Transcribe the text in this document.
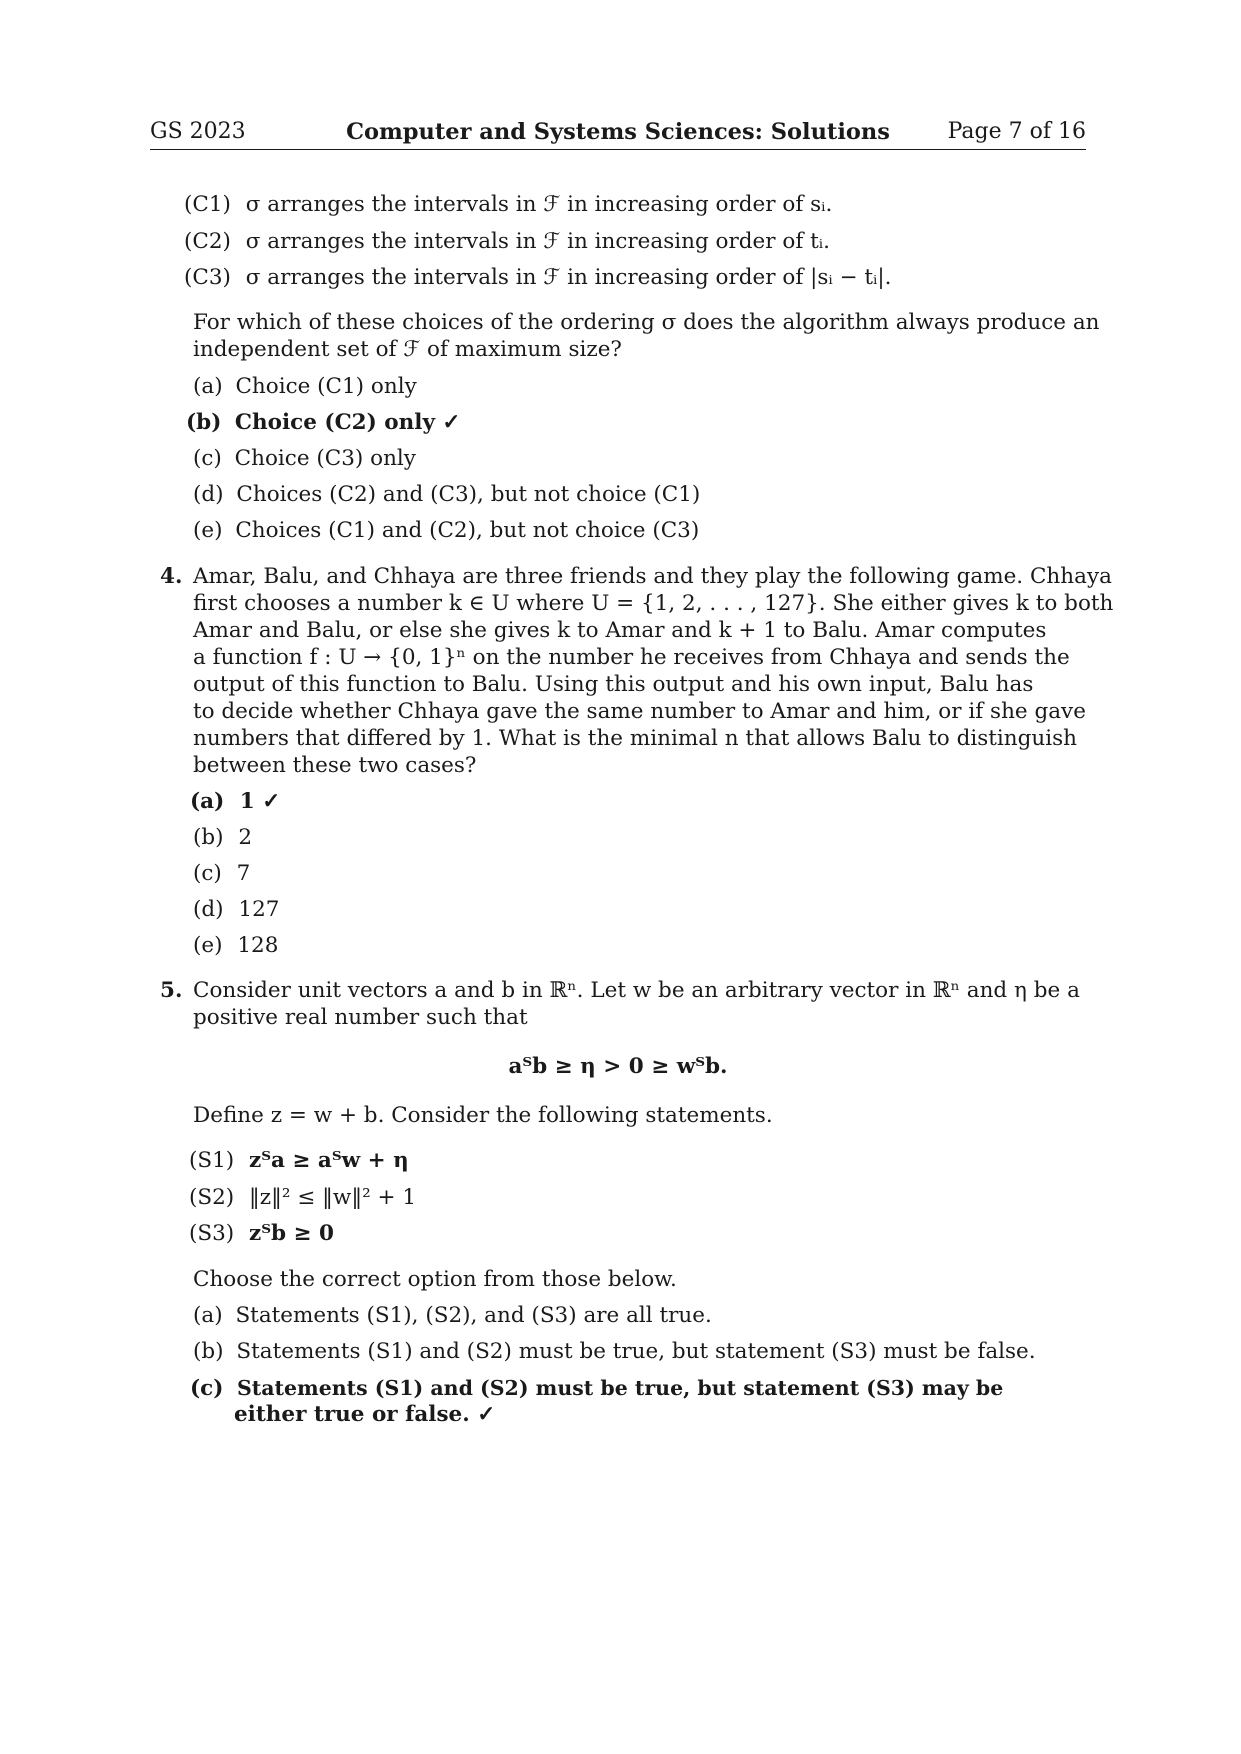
GS 2023	Computer and Systems Sciences: Solutions	Page 7 of 16
(C1) σ arranges the intervals in ℱ in increasing order of sᵢ.
(C2) σ arranges the intervals in ℱ in increasing order of tᵢ.
(C3) σ arranges the intervals in ℱ in increasing order of |sᵢ − tᵢ|.
For which of these choices of the ordering σ does the algorithm always produce an
independent set of ℱ of maximum size?
(a) Choice (C1) only
(b) Choice (C2) only ✓
(c) Choice (C3) only
(d) Choices (C2) and (C3), but not choice (C1)
(e) Choices (C1) and (C2), but not choice (C3)
4. Amar, Balu, and Chhaya are three friends and they play the following game. Chhaya
first chooses a number k ∈ U where U = {1, 2, . . . , 127}. She either gives k to both
Amar and Balu, or else she gives k to Amar and k + 1 to Balu. Amar computes
a function f : U → {0, 1}ⁿ on the number he receives from Chhaya and sends the
output of this function to Balu. Using this output and his own input, Balu has
to decide whether Chhaya gave the same number to Amar and him, or if she gave
numbers that differed by 1. What is the minimal n that allows Balu to distinguish
between these two cases?
(a) 1 ✓
(b) 2
(c) 7
(d) 127
(e) 128
5. Consider unit vectors a and b in ℝⁿ. Let w be an arbitrary vector in ℝⁿ and η be a
positive real number such that
aᵀb ≥ η > 0 ≥ wᵀb.
Define z = w + b. Consider the following statements.
(S1) zᵀa ≥ aᵀw + η
(S2) ‖z‖² ≤ ‖w‖² + 1
(S3) zᵀb ≥ 0
Choose the correct option from those below.
(a) Statements (S1), (S2), and (S3) are all true.
(b) Statements (S1) and (S2) must be true, but statement (S3) must be false.
(c) Statements (S1) and (S2) must be true, but statement (S3) may be
either true or false. ✓
